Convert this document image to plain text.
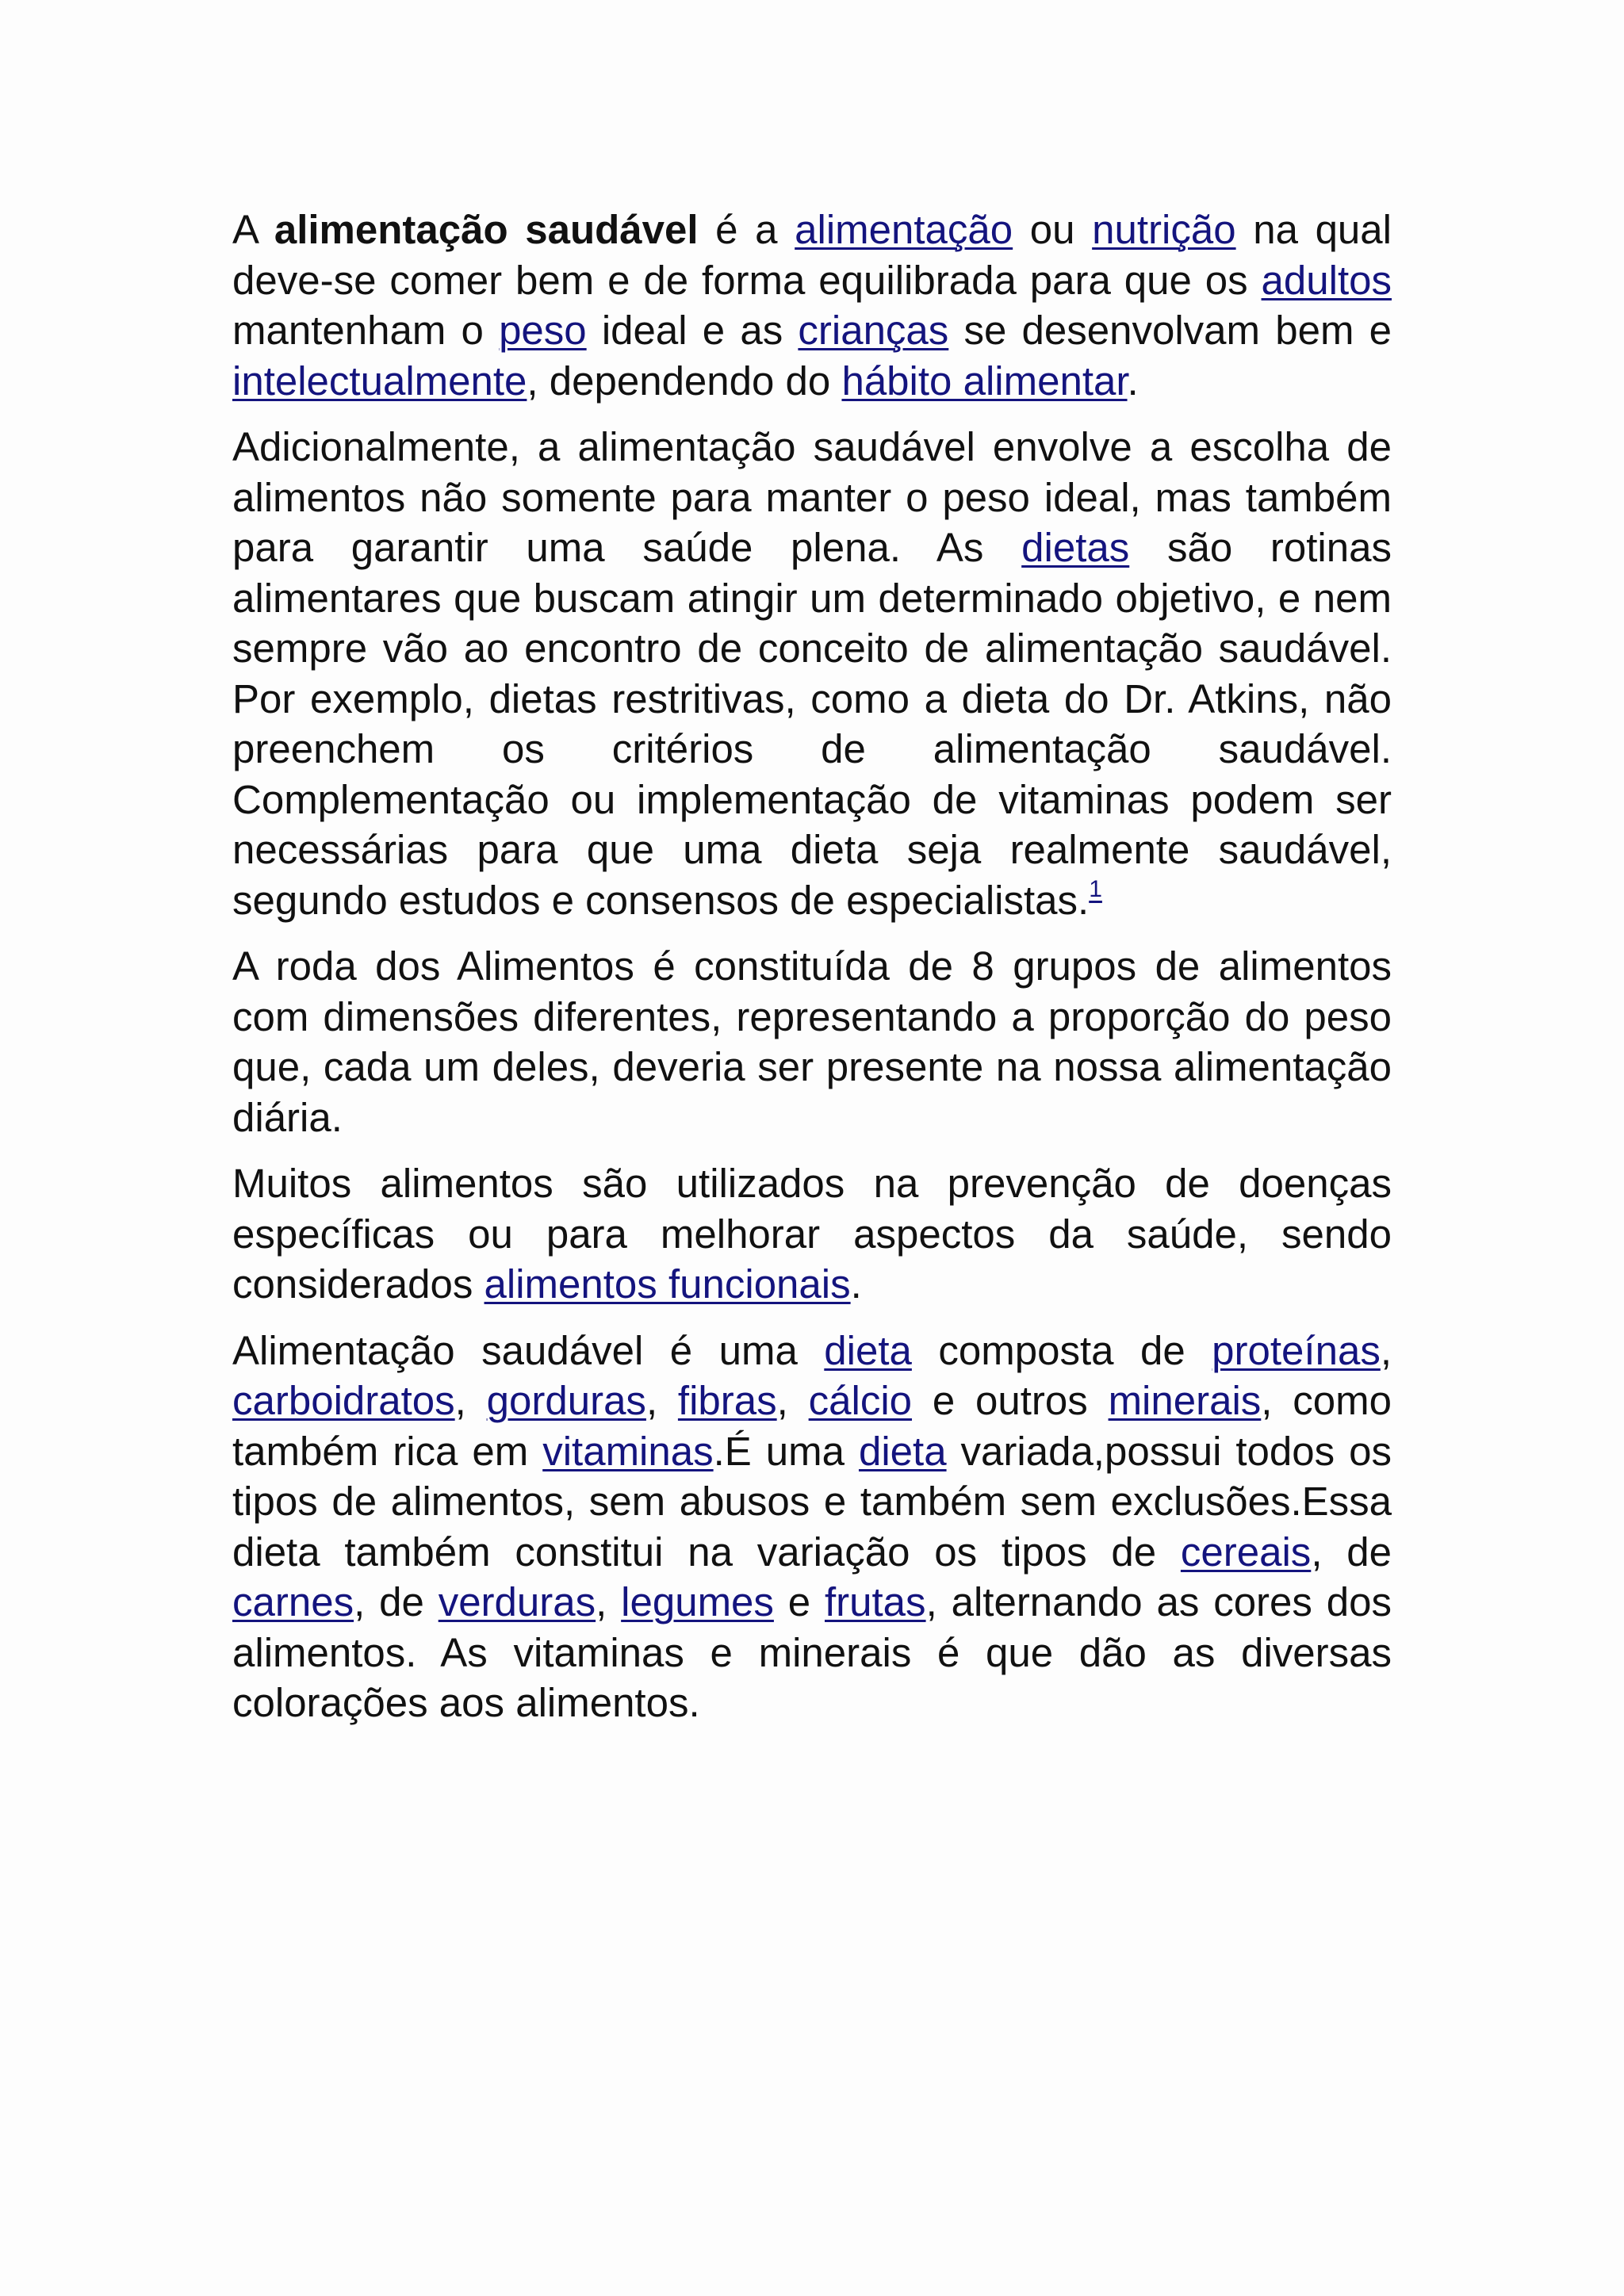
A alimentação saudável é a alimentação ou nutrição na qual deve-se comer bem e de forma equilibrada para que os adultos mantenham o peso ideal e as crianças se desenvolvam bem e intelectualmente, dependendo do hábito alimentar.

Adicionalmente, a alimentação saudável envolve a escolha de alimentos não somente para manter o peso ideal, mas também para garantir uma saúde plena. As dietas são rotinas alimentares que buscam atingir um determinado objetivo, e nem sempre vão ao encontro de conceito de alimentação saudável. Por exemplo, dietas restritivas, como a dieta do Dr. Atkins, não preenchem os critérios de alimentação saudável. Complementação ou implementação de vitaminas podem ser necessárias para que uma dieta seja realmente saudável, segundo estudos e consensos de especialistas.$^1$

A roda dos Alimentos é constituída de 8 grupos de alimentos com dimensões diferentes, representando a proporção do peso que, cada um deles, deveria ser presente na nossa alimentação diária.

Muitos alimentos são utilizados na prevenção de doenças específicas ou para melhorar aspectos da saúde, sendo considerados alimentos funcionais.

Alimentação saudável é uma dieta composta de proteínas, carboidratos, gorduras, fibras, cálcio e outros minerais, como também rica em vitaminas.É uma dieta variada,possui todos os tipos de alimentos, sem abusos e também sem exclusões.Essa dieta também constitui na variação os tipos de cereais, de carnes, de verduras, legumes e frutas, alternando as cores dos alimentos. As vitaminas e minerais é que dão as diversas colorações aos alimentos.
